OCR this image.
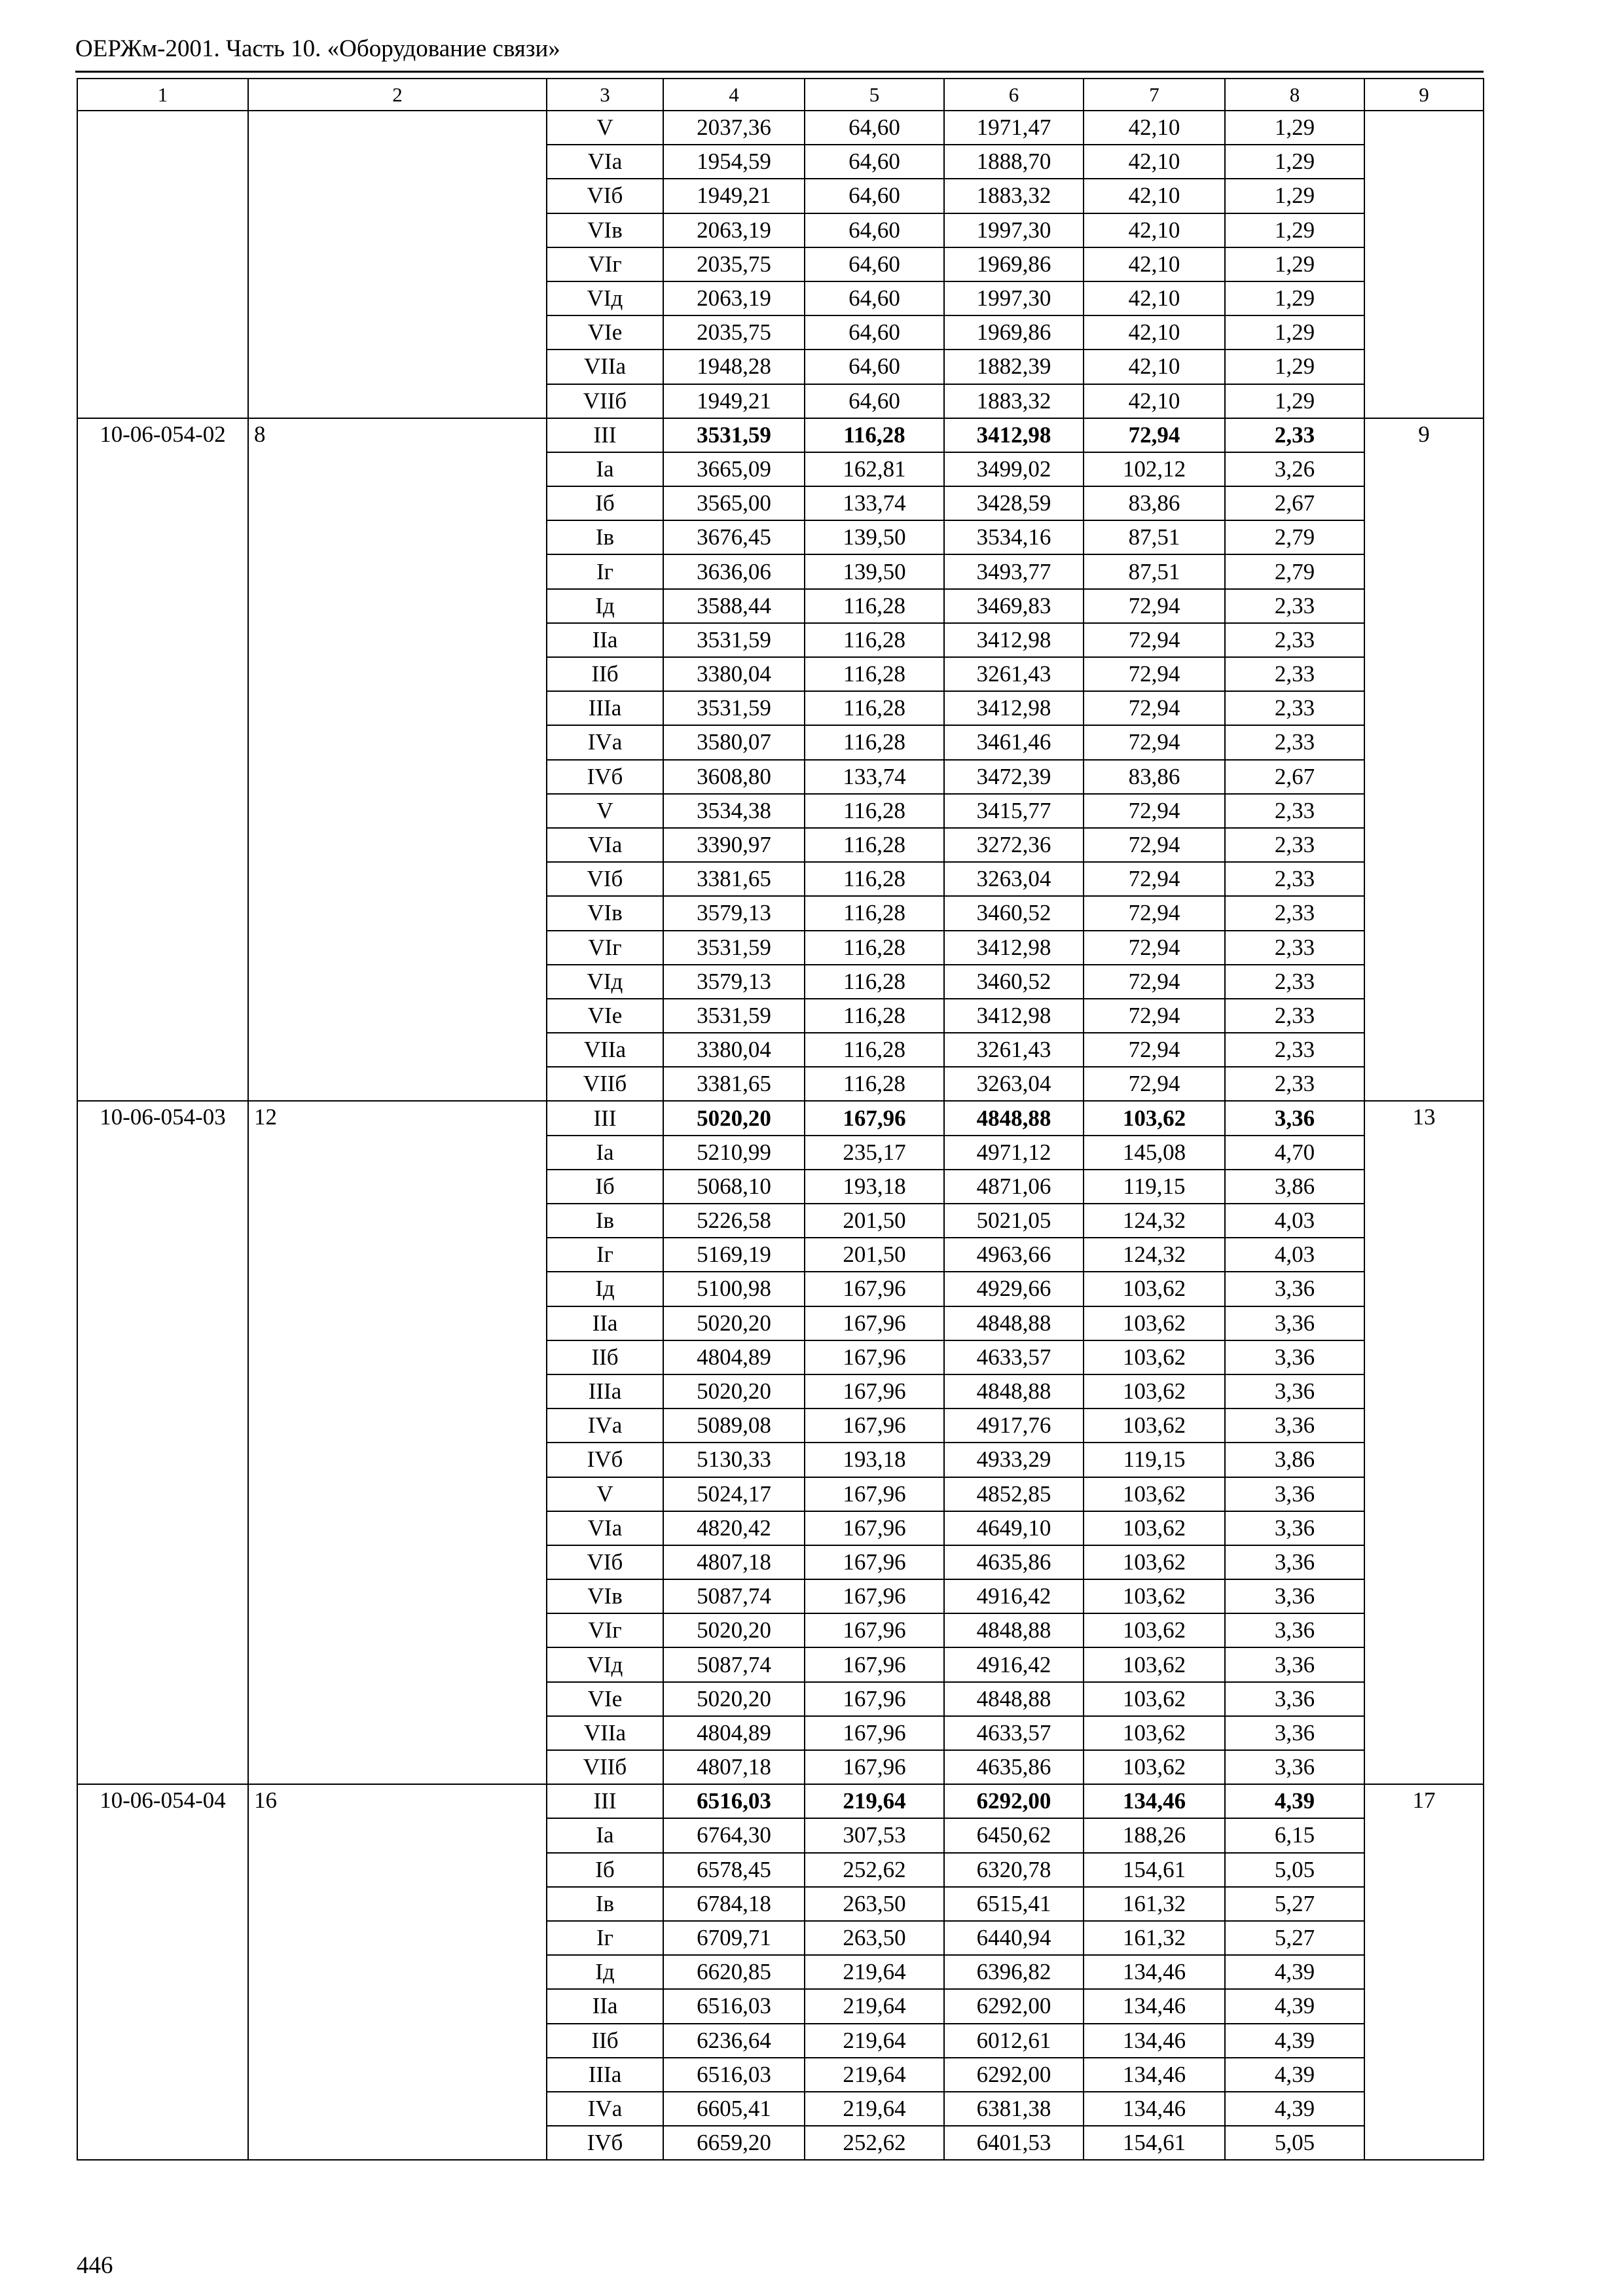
ОЕРЖм-2001. Часть 10. «Оборудование связи»
1	2	3	4	5	6	7	8	9
		V	2037,36	64,60	1971,47	42,10	1,29	
		VIа	1954,59	64,60	1888,70	42,10	1,29	
		VIб	1949,21	64,60	1883,32	42,10	1,29	
		VIв	2063,19	64,60	1997,30	42,10	1,29	
		VIг	2035,75	64,60	1969,86	42,10	1,29	
		VIд	2063,19	64,60	1997,30	42,10	1,29	
		VIе	2035,75	64,60	1969,86	42,10	1,29	
		VIIа	1948,28	64,60	1882,39	42,10	1,29	
		VIIб	1949,21	64,60	1883,32	42,10	1,29	
10-06-054-02	8	III	3531,59	116,28	3412,98	72,94	2,33	9
		Iа	3665,09	162,81	3499,02	102,12	3,26	
		Iб	3565,00	133,74	3428,59	83,86	2,67	
		Iв	3676,45	139,50	3534,16	87,51	2,79	
		Iг	3636,06	139,50	3493,77	87,51	2,79	
		Iд	3588,44	116,28	3469,83	72,94	2,33	
		IIа	3531,59	116,28	3412,98	72,94	2,33	
		IIб	3380,04	116,28	3261,43	72,94	2,33	
		IIIа	3531,59	116,28	3412,98	72,94	2,33	
		IVа	3580,07	116,28	3461,46	72,94	2,33	
		IVб	3608,80	133,74	3472,39	83,86	2,67	
		V	3534,38	116,28	3415,77	72,94	2,33	
		VIа	3390,97	116,28	3272,36	72,94	2,33	
		VIб	3381,65	116,28	3263,04	72,94	2,33	
		VIв	3579,13	116,28	3460,52	72,94	2,33	
		VIг	3531,59	116,28	3412,98	72,94	2,33	
		VIд	3579,13	116,28	3460,52	72,94	2,33	
		VIе	3531,59	116,28	3412,98	72,94	2,33	
		VIIа	3380,04	116,28	3261,43	72,94	2,33	
		VIIб	3381,65	116,28	3263,04	72,94	2,33	
10-06-054-03	12	III	5020,20	167,96	4848,88	103,62	3,36	13
		Iа	5210,99	235,17	4971,12	145,08	4,70	
		Iб	5068,10	193,18	4871,06	119,15	3,86	
		Iв	5226,58	201,50	5021,05	124,32	4,03	
		Iг	5169,19	201,50	4963,66	124,32	4,03	
		Iд	5100,98	167,96	4929,66	103,62	3,36	
		IIа	5020,20	167,96	4848,88	103,62	3,36	
		IIб	4804,89	167,96	4633,57	103,62	3,36	
		IIIа	5020,20	167,96	4848,88	103,62	3,36	
		IVа	5089,08	167,96	4917,76	103,62	3,36	
		IVб	5130,33	193,18	4933,29	119,15	3,86	
		V	5024,17	167,96	4852,85	103,62	3,36	
		VIа	4820,42	167,96	4649,10	103,62	3,36	
		VIб	4807,18	167,96	4635,86	103,62	3,36	
		VIв	5087,74	167,96	4916,42	103,62	3,36	
		VIг	5020,20	167,96	4848,88	103,62	3,36	
		VIд	5087,74	167,96	4916,42	103,62	3,36	
		VIе	5020,20	167,96	4848,88	103,62	3,36	
		VIIа	4804,89	167,96	4633,57	103,62	3,36	
		VIIб	4807,18	167,96	4635,86	103,62	3,36	
10-06-054-04	16	III	6516,03	219,64	6292,00	134,46	4,39	17
		Iа	6764,30	307,53	6450,62	188,26	6,15	
		Iб	6578,45	252,62	6320,78	154,61	5,05	
		Iв	6784,18	263,50	6515,41	161,32	5,27	
		Iг	6709,71	263,50	6440,94	161,32	5,27	
		Iд	6620,85	219,64	6396,82	134,46	4,39	
		IIа	6516,03	219,64	6292,00	134,46	4,39	
		IIб	6236,64	219,64	6012,61	134,46	4,39	
		IIIа	6516,03	219,64	6292,00	134,46	4,39	
		IVа	6605,41	219,64	6381,38	134,46	4,39	
		IVб	6659,20	252,62	6401,53	154,61	5,05	
446
